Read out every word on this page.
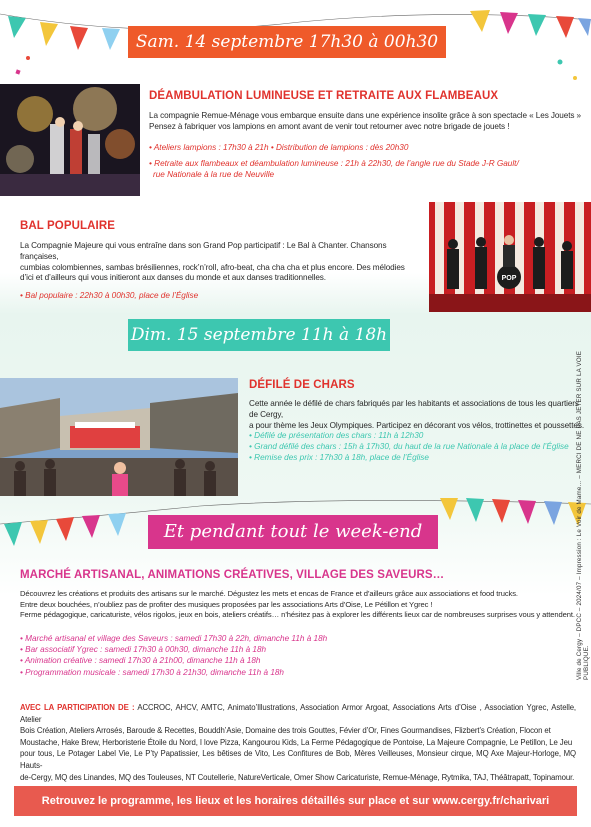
Sam. 14 septembre 17h30 à 00h30
DÉAMBULATION LUMINEUSE ET RETRAITE AUX FLAMBEAUX
La compagnie Remue-Ménage vous embarque ensuite dans une expérience insolite grâce à son spectacle « Les Jouets »
Pensez à fabriquer vos lampions en amont avant de venir tout retourner avec notre brigade de jouets !
• Ateliers lampions : 17h30 à 21h • Distribution de lampions : dès 20h30
• Retraite aux flambeaux et déambulation lumineuse : 21h à 22h30, de l’angle rue du Stade J-R Gault/
rue Nationale à la rue de Neuville
BAL POPULAIRE
La Compagnie Majeure qui vous entraîne dans son Grand Pop participatif : Le Bal à Chanter. Chansons françaises,
cumbias colombiennes, sambas brésiliennes, rock’n’roll, afro-beat, cha cha cha et plus encore. Des mélodies
d’ici et d’ailleurs qui vous initieront aux danses du monde et aux danses traditionnelles.
• Bal populaire : 22h30 à 00h30, place de l’Église
POP
Dim. 15 septembre 11h à 18h
DÉFILÉ DE CHARS
Cette année le défilé de chars fabriqués par les habitants et associations de tous les quartiers de Cergy,
a pour thème les Jeux Olympiques. Participez en décorant vos vélos, trottinettes et poussettes.
• Défilé de présentation des chars : 11h à 12h30
• Grand défilé des chars : 15h à 17h30, du haut de la rue Nationale à la place de l’Église
• Remise des prix : 17h30 à 18h, place de l’Église
Et pendant tout le week-end
MARCHÉ ARTISANAL, ANIMATIONS CRÉATIVES, VILLAGE DES SAVEURS…
Découvrez les créations et produits des artisans sur le marché. Dégustez les mets et encas de France et d’ailleurs grâce aux associations et food trucks.
Entre deux bouchées, n’oubliez pas de profiter des musiques proposées par les associations Arts d’Oise, Le Pétillon et Ygrec !
Ferme pédagogique, caricaturiste, vélos rigolos, jeux en bois, ateliers créatifs… n’hésitez pas à explorer les différents lieux car de nombreuses surprises vous y attendent.
• Marché artisanal et village des Saveurs : samedi 17h30 à 22h, dimanche 11h à 18h
• Bar associatif Ygrec : samedi 17h30 à 00h30, dimanche 11h à 18h
• Animation créative : samedi 17h30 à 21h00, dimanche 11h à 18h
• Programmation musicale : samedi 17h30 à 21h30, dimanche 11h à 18h
AVEC LA PARTICIPATION DE : ACCROC, AHCV, AMTC, Animato’Illustrations, Association Armor Argoat, Associations Arts d’Oise , Association Ygrec, Astelle, Atelier
Bois Création, Ateliers Arrosés, Baroude & Recettes, Bouddh’Asie, Domaine des trois Gouttes, Févier d’Or, Fines Gourmandises, Flizbert’s Création, Flocon et
Moustache, Hake Brew, Herboristerie Étoile du Nord, I love Pizza, Kangourou Kids, La Ferme Pédagogique de Pontoise, La Majeure Compagnie, Le Petillon, Le Jeu
pour tous, Le Potager Label Vie, Le P’ty Papatissier, Les bêtises de Vito, Les Confitures de Bob, Mères Veilleuses, Monsieur cirque, MQ Axe Majeur-Horloge, MQ Hauts-
de-Cergy, MQ des Linandes, MQ des Touleuses, NT Coutellerie, NatureVerticale, Omer Show Caricaturiste, Remue-Ménage, Rytmika, TAJ, Théâtrapatt, Topinamour.
Retrouvez le programme, les lieux et les horaires détaillés sur place et sur www.cergy.fr/charivari
Ville de Cergy – DPCC – 2024/07 – Impression : Le Voir de Mame... – MERCI DE NE PAS JETER SUR LA VOIE PUBLIQUE.
